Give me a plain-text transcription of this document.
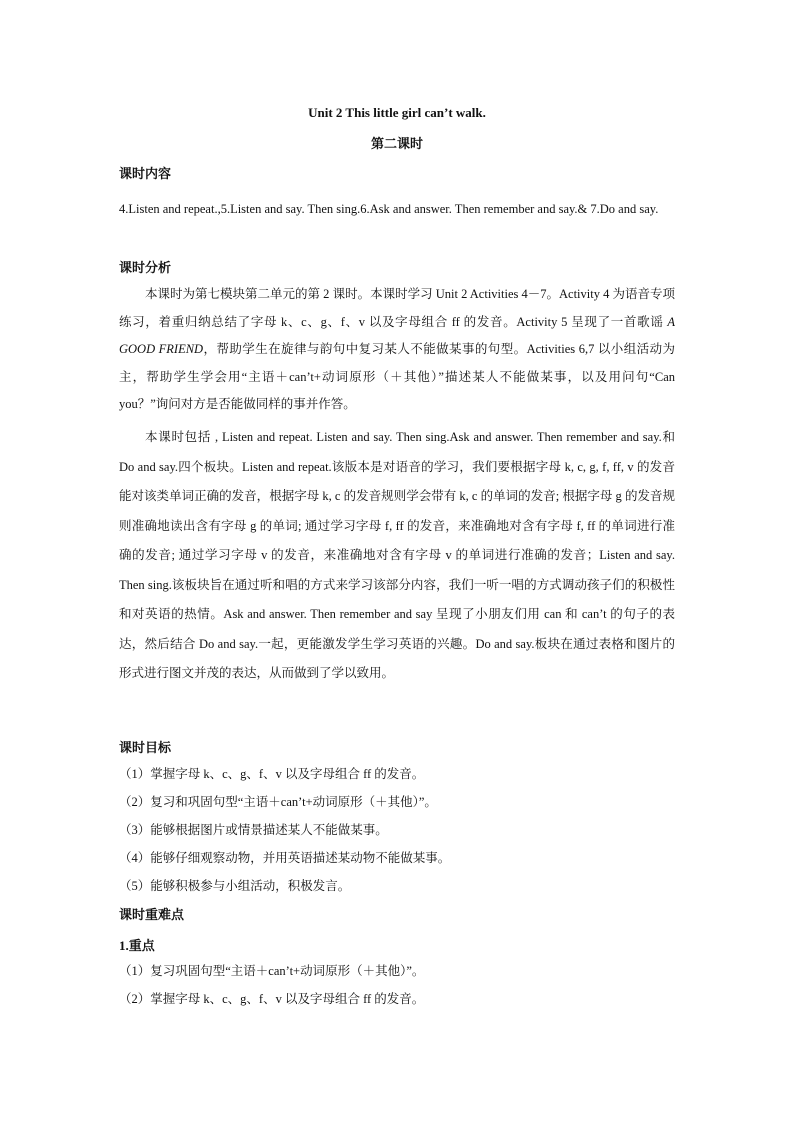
Unit 2 This little girl can’t walk.
第二课时
课时内容
4.Listen and repeat.,5.Listen and say. Then sing.6.Ask and answer. Then remember and say.& 7.Do and say.
课时分析
本课时为第七模块第二单元的第 2 课时。本课时学习 Unit 2 Activities 4－7。Activity 4 为语音专项练习，着重归纳总结了字母 k、c、g、f、v 以及字母组合 ff 的发音。Activity 5 呈现了一首歌谣 A GOOD FRIEND，帮助学生在旋律与韵句中复习某人不能做某事的句型。Activities 6,7 以小组活动为主，帮助学生学会用“主语＋can’t+动词原形（＋其他）”描述某人不能做某事，以及用问句“Can you？”询问对方是否能做同样的事并作答。
本课时包括 , Listen and repeat. Listen and say. Then sing.Ask and answer. Then remember and say.和 Do and say.四个板块。Listen and repeat.该版本是对语音的学习，我们要根据字母 k, c, g, f, ff, v 的发音能对该类单词正确的发音，根据字母 k, c 的发音规则学会带有 k, c 的单词的发音; 根据字母 g 的发音规则准确地读出含有字母 g 的单词; 通过学习字母 f, ff 的发音，来准确地对含有字母 f, ff 的单词进行准确的发音; 通过学习字母 v 的发音，来准确地对含有字母 v 的单词进行准确的发音；Listen and say. Then sing.该板块旨在通过听和唱的方式来学习该部分内容，我们一听一唱的方式调动孩子们的积极性和对英语的热情。Ask and answer. Then remember and say 呈现了小朋友们用 can 和 can’t 的句子的表达，然后结合 Do and say.一起，更能激发学生学习英语的兴趣。Do and say.板块在通过表格和图片的形式进行图文并茂的表达，从而做到了学以致用。
课时目标
（1）掌握字母 k、c、g、f、v 以及字母组合 ff 的发音。
（2）复习和巩固句型“主语＋can’t+动词原形（＋其他）”。
（3）能够根据图片或情景描述某人不能做某事。
（4）能够仔细观察动物，并用英语描述某动物不能做某事。
（5）能够积极参与小组活动，积极发言。
课时重难点
1.重点
（1）复习巩固句型“主语＋can’t+动词原形（＋其他）”。
（2）掌握字母 k、c、g、f、v 以及字母组合 ff 的发音。
